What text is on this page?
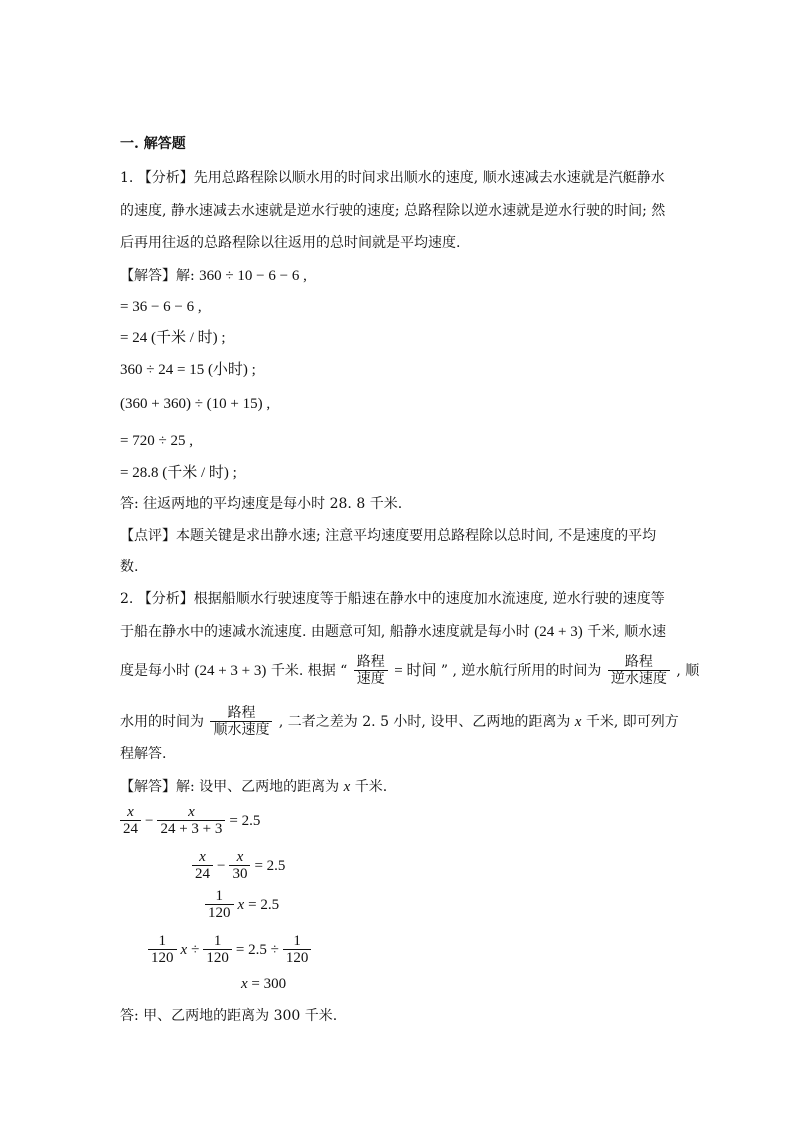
一. 解答题
1. 【分析】先用总路程除以顺水用的时间求出顺水的速度, 顺水速减去水速就是汽艇静水
的速度, 静水速减去水速就是逆水行驶的速度; 总路程除以逆水速就是逆水行驶的时间; 然
后再用往返的总路程除以往返用的总时间就是平均速度.
【解答】解: 360 ÷ 10 − 6 − 6 ,
= 36 − 6 − 6 ,
= 24 (千米 / 时) ;
360 ÷ 24 = 15 (小时) ;
(360 + 360) ÷ (10 + 15) ,
= 720 ÷ 25 ,
= 28.8 (千米 / 时) ;
答: 往返两地的平均速度是每小时 28. 8 千米.
【点评】本题关键是求出静水速; 注意平均速度要用总路程除以总时间, 不是速度的平均
数.
2. 【分析】根据船顺水行驶速度等于船速在静水中的速度加水流速度, 逆水行驶的速度等
于船在静水中的速减水流速度. 由题意可知, 船静水速度就是每小时 (24 + 3) 千米, 顺水速
度是每小时 (24 + 3 + 3) 千米. 根据 “ $\frac{\text{路程}}{\text{速度}}$ = 时间 ” , 逆水航行所用的时间为 $\frac{\text{路程}}{\text{逆水速度}}$ , 顺
水用的时间为 $\frac{\text{路程}}{\text{顺水速度}}$ , 二者之差为 2. 5 小时, 设甲、乙两地的距离为 x 千米, 即可列方
程解答.
【解答】解: 设甲、乙两地的距离为 x 千米.
$\frac{x}{24} - \frac{x}{24 + 3 + 3} = 2.5$
$\frac{x}{24} - \frac{x}{30} = 2.5$
$\frac{1}{120}$ x = 2.5
$\frac{1}{120}$ $x \div \frac{1}{120} = 2.5 \div \frac{1}{120}$
x = 300
答: 甲、乙两地的距离为 300 千米.
